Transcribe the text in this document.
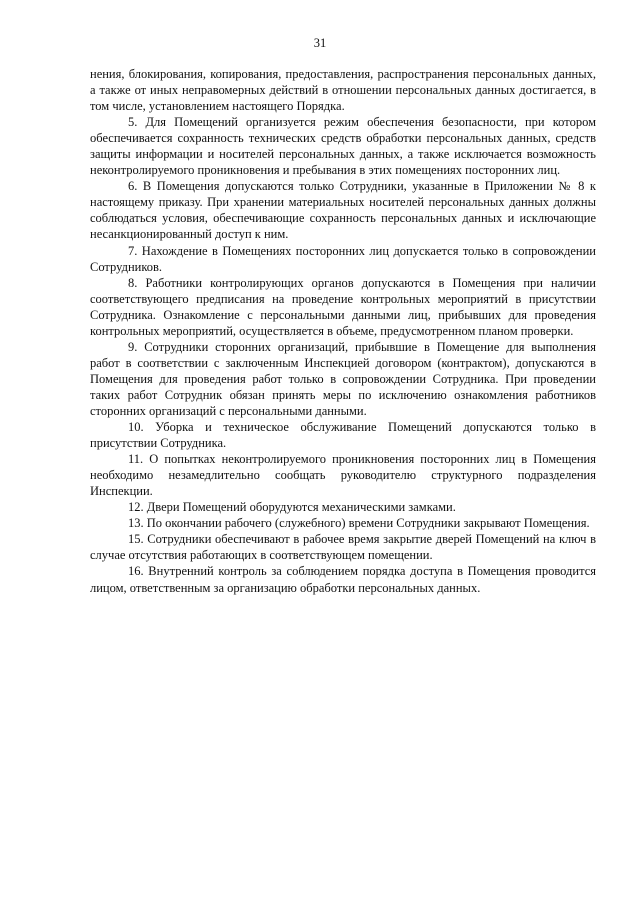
31

нения, блокирования, копирования, предоставления, распространения персональных данных, а также от иных неправомерных действий в отношении персональных данных достигается, в том числе, установлением настоящего Порядка.

5. Для Помещений организуется режим обеспечения безопасности, при котором обеспечивается сохранность технических средств обработки персональных данных, средств защиты информации и носителей персональных данных, а также исключается возможность неконтролируемого проникновения и пребывания в этих помещениях посторонних лиц.

6. В Помещения допускаются только Сотрудники, указанные в Приложении № 8 к настоящему приказу. При хранении материальных носителей персональных данных должны соблюдаться условия, обеспечивающие сохранность персональных данных и исключающие несанкционированный доступ к ним.

7. Нахождение в Помещениях посторонних лиц допускается только в сопровождении Сотрудников.

8. Работники контролирующих органов допускаются в Помещения при наличии соответствующего предписания на проведение контрольных мероприятий в присутствии Сотрудника. Ознакомление с персональными данными лиц, прибывших для проведения контрольных мероприятий, осуществляется в объеме, предусмотренном планом проверки.

9. Сотрудники сторонних организаций, прибывшие в Помещение для выполнения работ в соответствии с заключенным Инспекцией договором (контрактом), допускаются в Помещения для проведения работ только в сопровождении Сотрудника. При проведении таких работ Сотрудник обязан принять меры по исключению ознакомления работников сторонних организаций с персональными данными.

10. Уборка и техническое обслуживание Помещений допускаются только в присутствии Сотрудника.

11. О попытках неконтролируемого проникновения посторонних лиц в Помещения необходимо незамедлительно сообщать руководителю структурного подразделения Инспекции.

12. Двери Помещений оборудуются механическими замками.

13. По окончании рабочего (служебного) времени Сотрудники закрывают Помещения.

15. Сотрудники обеспечивают в рабочее время закрытие дверей Помещений на ключ в случае отсутствия работающих в соответствующем помещении.

16. Внутренний контроль за соблюдением порядка доступа в Помещения проводится лицом, ответственным за организацию обработки персональных данных.
